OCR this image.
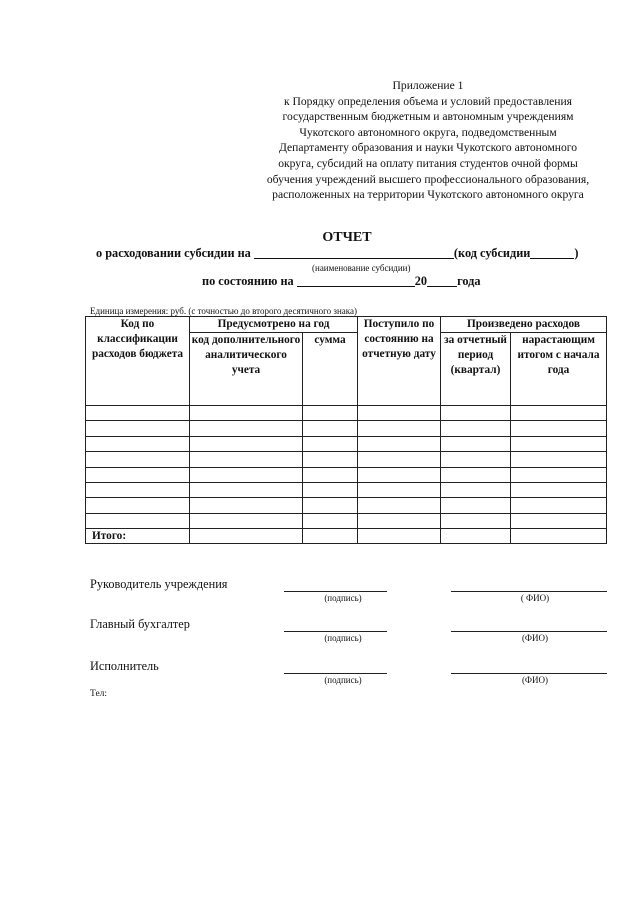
Приложение 1
к Порядку определения объема и условий предоставления
государственным бюджетным и автономным учреждениям
Чукотского автономного округа, подведомственным
Департаменту образования и науки Чукотского автономного
округа, субсидий на оплату питания студентов очной формы
обучения учреждений высшего профессионального образования,
расположенных на территории Чукотского автономного округа
ОТЧЕТ
о расходовании субсидии на	(код субсидии	)
(наименование субсидии)
по состоянию на	20 года
Единица измерения: руб. (с точностью до второго десятичного знака)
Код по классификации расходов бюджета	Предусмотрено на год		Поступило по состоянию на отчетную дату	Произведено расходов	
	код дополнительного аналитического учета	сумма		за отчетный период (квартал)	нарастающим итогом с начала года

Итого:					
Руководитель учреждения
(подпись)	( ФИО)
Главный бухгалтер
(подпись)	(ФИО)
Исполнитель
(подпись)	(ФИО)
Тел:
